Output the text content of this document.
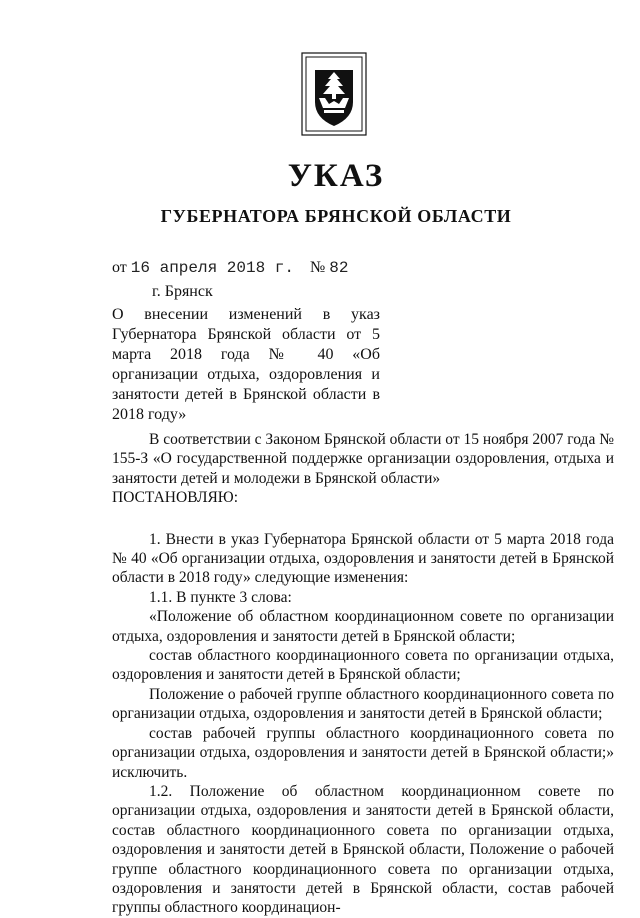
УКАЗ
ГУБЕРНАТОРА БРЯНСКОЙ ОБЛАСТИ
от 16 апреля 2018 г. № 82
г. Брянск

О внесении изменений в указ Губернатора Брянской области от 5 марта 2018 года № 40 «Об организации отдыха, оздоровления и занятости детей в Брянской области в 2018 году»

В соответствии с Законом Брянской области от 15 ноября 2007 года № 155-З «О государственной поддержке организации оздоровления, отдыха и занятости детей и молодежи в Брянской области»

ПОСТАНОВЛЯЮ:

1. Внести в указ Губернатора Брянской области от 5 марта 2018 года № 40 «Об организации отдыха, оздоровления и занятости детей в Брянской области в 2018 году» следующие изменения:

1.1. В пункте 3 слова:

«Положение об областном координационном совете по организации отдыха, оздоровления и занятости детей в Брянской области;

состав областного координационного совета по организации отдыха, оздоровления и занятости детей в Брянской области;

Положение о рабочей группе областного координационного совета по организации отдыха, оздоровления и занятости детей в Брянской области;

состав рабочей группы областного координационного совета по организации отдыха, оздоровления и занятости детей в Брянской области;» исключить.

1.2. Положение об областном координационном совете по организации отдыха, оздоровления и занятости детей в Брянской области, состав областного координационного совета по организации отдыха, оздоровления и занятости детей в Брянской области, Положение о рабочей группе областного координационного совета по организации отдыха, оздоровления и занятости детей в Брянской области, состав рабочей группы областного координацион-
